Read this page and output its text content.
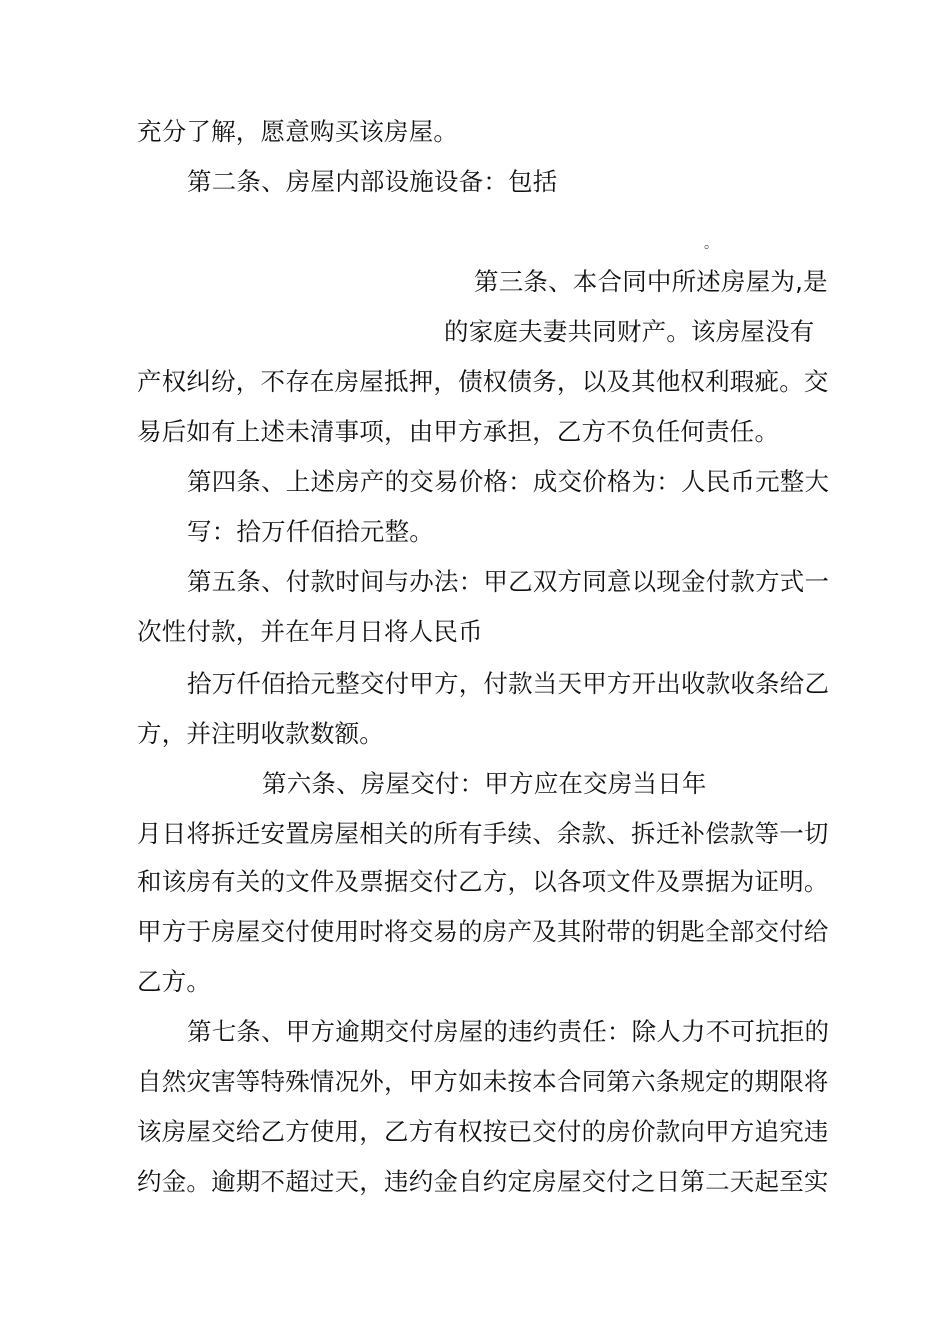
充分了解，愿意购买该房屋。
第二条、房屋内部设施设备：包括
。
第三条、本合同中所述房屋为,是
的家庭夫妻共同财产。该房屋没有
产权纠纷，不存在房屋抵押，债权债务，以及其他权利瑕疵。交
易后如有上述未清事项，由甲方承担，乙方不负任何责任。
第四条、上述房产的交易价格：成交价格为：人民币元整大
写：拾万仟佰拾元整。
第五条、付款时间与办法：甲乙双方同意以现金付款方式一
次性付款，并在年月日将人民币
拾万仟佰拾元整交付甲方，付款当天甲方开出收款收条给乙
方，并注明收款数额。
第六条、房屋交付：甲方应在交房当日年
月日将拆迁安置房屋相关的所有手续、余款、拆迁补偿款等一切
和该房有关的文件及票据交付乙方，以各项文件及票据为证明。
甲方于房屋交付使用时将交易的房产及其附带的钥匙全部交付给
乙方。
第七条、甲方逾期交付房屋的违约责任：除人力不可抗拒的
自然灾害等特殊情况外，甲方如未按本合同第六条规定的期限将
该房屋交给乙方使用，乙方有权按已交付的房价款向甲方追究违
约金。逾期不超过天，违约金自约定房屋交付之日第二天起至实
